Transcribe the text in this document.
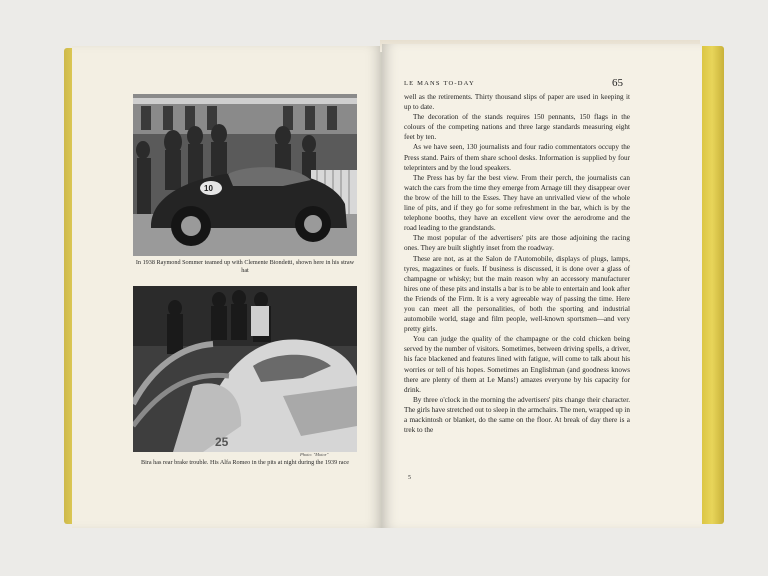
10
In 1938 Raymond Sommer teamed up with Clemente Biondetti, shown here in his straw hat
25
Photo: "Motor"
Bira has rear brake trouble. His Alfa Romeo in the pits at night during the 1939 race
LE MANS TO-DAY	65

well as the retirements. Thirty thousand slips of paper are used in keeping it up to date.

The decoration of the stands requires 150 pennants, 150 flags in the colours of the competing nations and three large standards measuring eight feet by ten.

As we have seen, 130 journalists and four radio commentators occupy the Press stand. Pairs of them share school desks. Information is supplied by four teleprinters and by the loud speakers.

The Press has by far the best view. From their perch, the journalists can watch the cars from the time they emerge from Arnage till they disappear over the brow of the hill to the Esses. They have an unrivalled view of the whole line of pits, and if they go for some refreshment in the bar, which is by the telephone booths, they have an excellent view over the aerodrome and the road leading to the grandstands.

The most popular of the advertisers' pits are those adjoining the racing ones. They are built slightly inset from the roadway.

These are not, as at the Salon de l'Automobile, displays of plugs, lamps, tyres, magazines or fuels. If business is discussed, it is done over a glass of champagne or whisky; but the main reason why an accessory manufacturer hires one of these pits and installs a bar is to be able to entertain and look after the Friends of the Firm. It is a very agreeable way of passing the time. Here you can meet all the personalities, of both the sporting and industrial automobile world, stage and film people, well-known sportsmen—and very pretty girls.

You can judge the quality of the champagne or the cold chicken being served by the number of visitors. Sometimes, between driving spells, a driver, his face blackened and features lined with fatigue, will come to talk about his worries or tell of his hopes. Sometimes an Englishman (and goodness knows there are plenty of them at Le Mans!) amazes everyone by his capacity for drink.

By three o'clock in the morning the advertisers' pits change their character. The girls have stretched out to sleep in the armchairs. The men, wrapped up in a mackintosh or blanket, do the same on the floor. At break of day there is a trek to the

5
